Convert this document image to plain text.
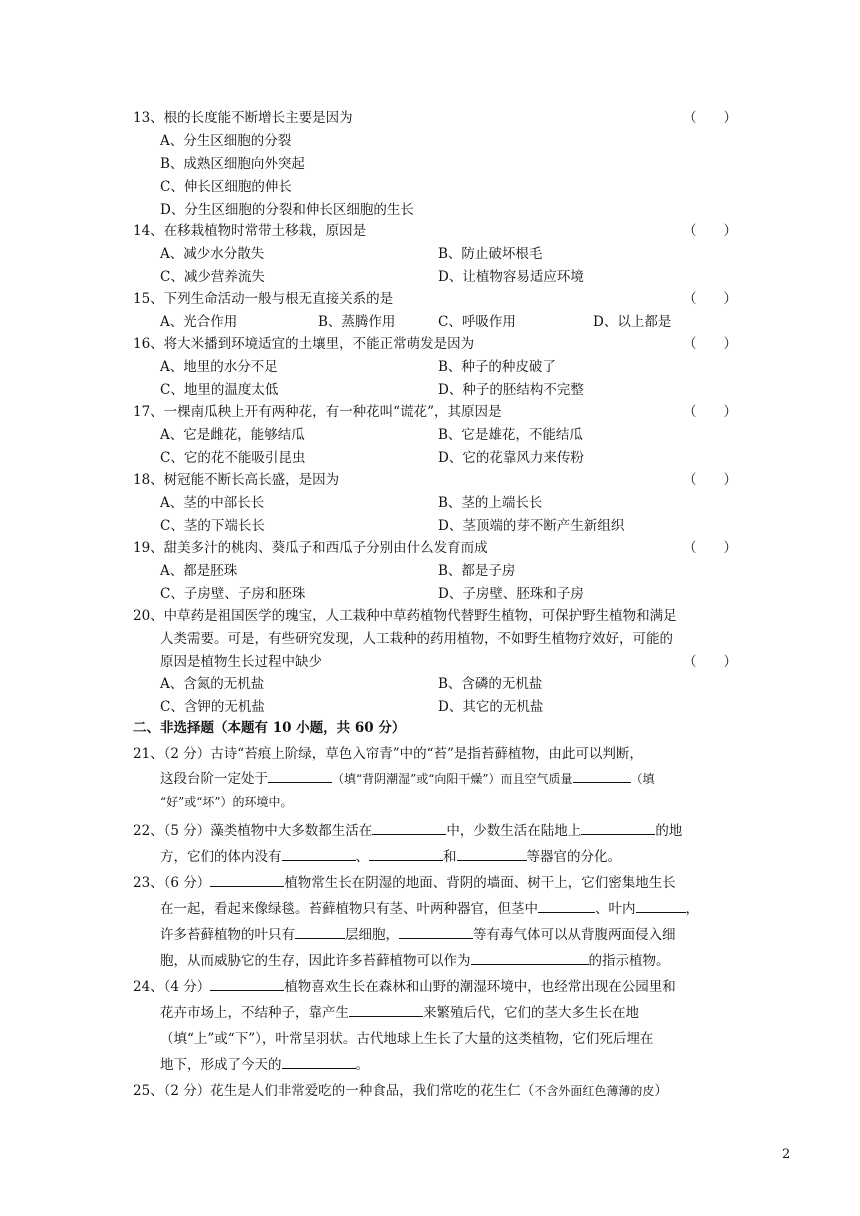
13、根的长度能不断增长主要是因为	（　　）
A、分生区细胞的分裂
B、成熟区细胞向外突起
C、伸长区细胞的伸长
D、分生区细胞的分裂和伸长区细胞的生长
14、在移栽植物时常带土移栽，原因是	（　　）
A、减少水分散失	B、防止破坏根毛
C、减少营养流失	D、让植物容易适应环境
15、下列生命活动一般与根无直接关系的是	（　　）
A、光合作用	B、蒸腾作用	C、呼吸作用	D、以上都是
16、将大米播到环境适宜的土壤里，不能正常萌发是因为	（　　）
A、地里的水分不足	B、种子的种皮破了
C、地里的温度太低	D、种子的胚结构不完整
17、一棵南瓜秧上开有两种花，有一种花叫“谎花”，其原因是	（　　）
A、它是雌花，能够结瓜	B、它是雄花，不能结瓜
C、它的花不能吸引昆虫	D、它的花靠风力来传粉
18、树冠能不断长高长盛，是因为	（　　）
A、茎的中部长长	B、茎的上端长长
C、茎的下端长长	D、茎顶端的芽不断产生新组织
19、甜美多汁的桃肉、葵瓜子和西瓜子分别由什么发育而成	（　　）
A、都是胚珠	B、都是子房
C、子房壁、子房和胚珠	D、子房壁、胚珠和子房
20、中草药是祖国医学的瑰宝，人工栽种中草药植物代替野生植物，可保护野生植物和满足
人类需要。可是，有些研究发现，人工栽种的药用植物，不如野生植物疗效好，可能的
原因是植物生长过程中缺少	（　　）
A、含氮的无机盐	B、含磷的无机盐
C、含钾的无机盐	D、其它的无机盐
二、非选择题（本题有 10 小题，共 60 分）
21、（2 分）古诗“苔痕上阶绿，草色入帘青”中的“苔”是指苔藓植物，由此可以判断，
这段台阶一定处于	（填“背阴潮湿”或“向阳干燥”）而且空气质量	（填
“好”或“坏”）的环境中。
22、（5 分）藻类植物中大多数都生活在	中，少数生活在陆地上	的地
方，它们的体内没有	、	和	等器官的分化。
23、（6 分）	植物常生长在阴湿的地面、背阴的墙面、树干上，它们密集地生长
在一起，看起来像绿毯。苔藓植物只有茎、叶两种器官，但茎中	、叶内	，
许多苔藓植物的叶只有	层细胞，	等有毒气体可以从背腹两面侵入细
胞，从而威胁它的生存，因此许多苔藓植物可以作为	的指示植物。
24、（4 分）	植物喜欢生长在森林和山野的潮湿环境中，也经常出现在公园里和
花卉市场上，不结种子，靠产生	来繁殖后代，它们的茎大多生长在地
（填“上”或“下”），叶常呈羽状。古代地球上生长了大量的这类植物，它们死后埋在
地下，形成了今天的	。
25、（2 分）花生是人们非常爱吃的一种食品，我们常吃的花生仁（不含外面红色薄薄的皮）
2
